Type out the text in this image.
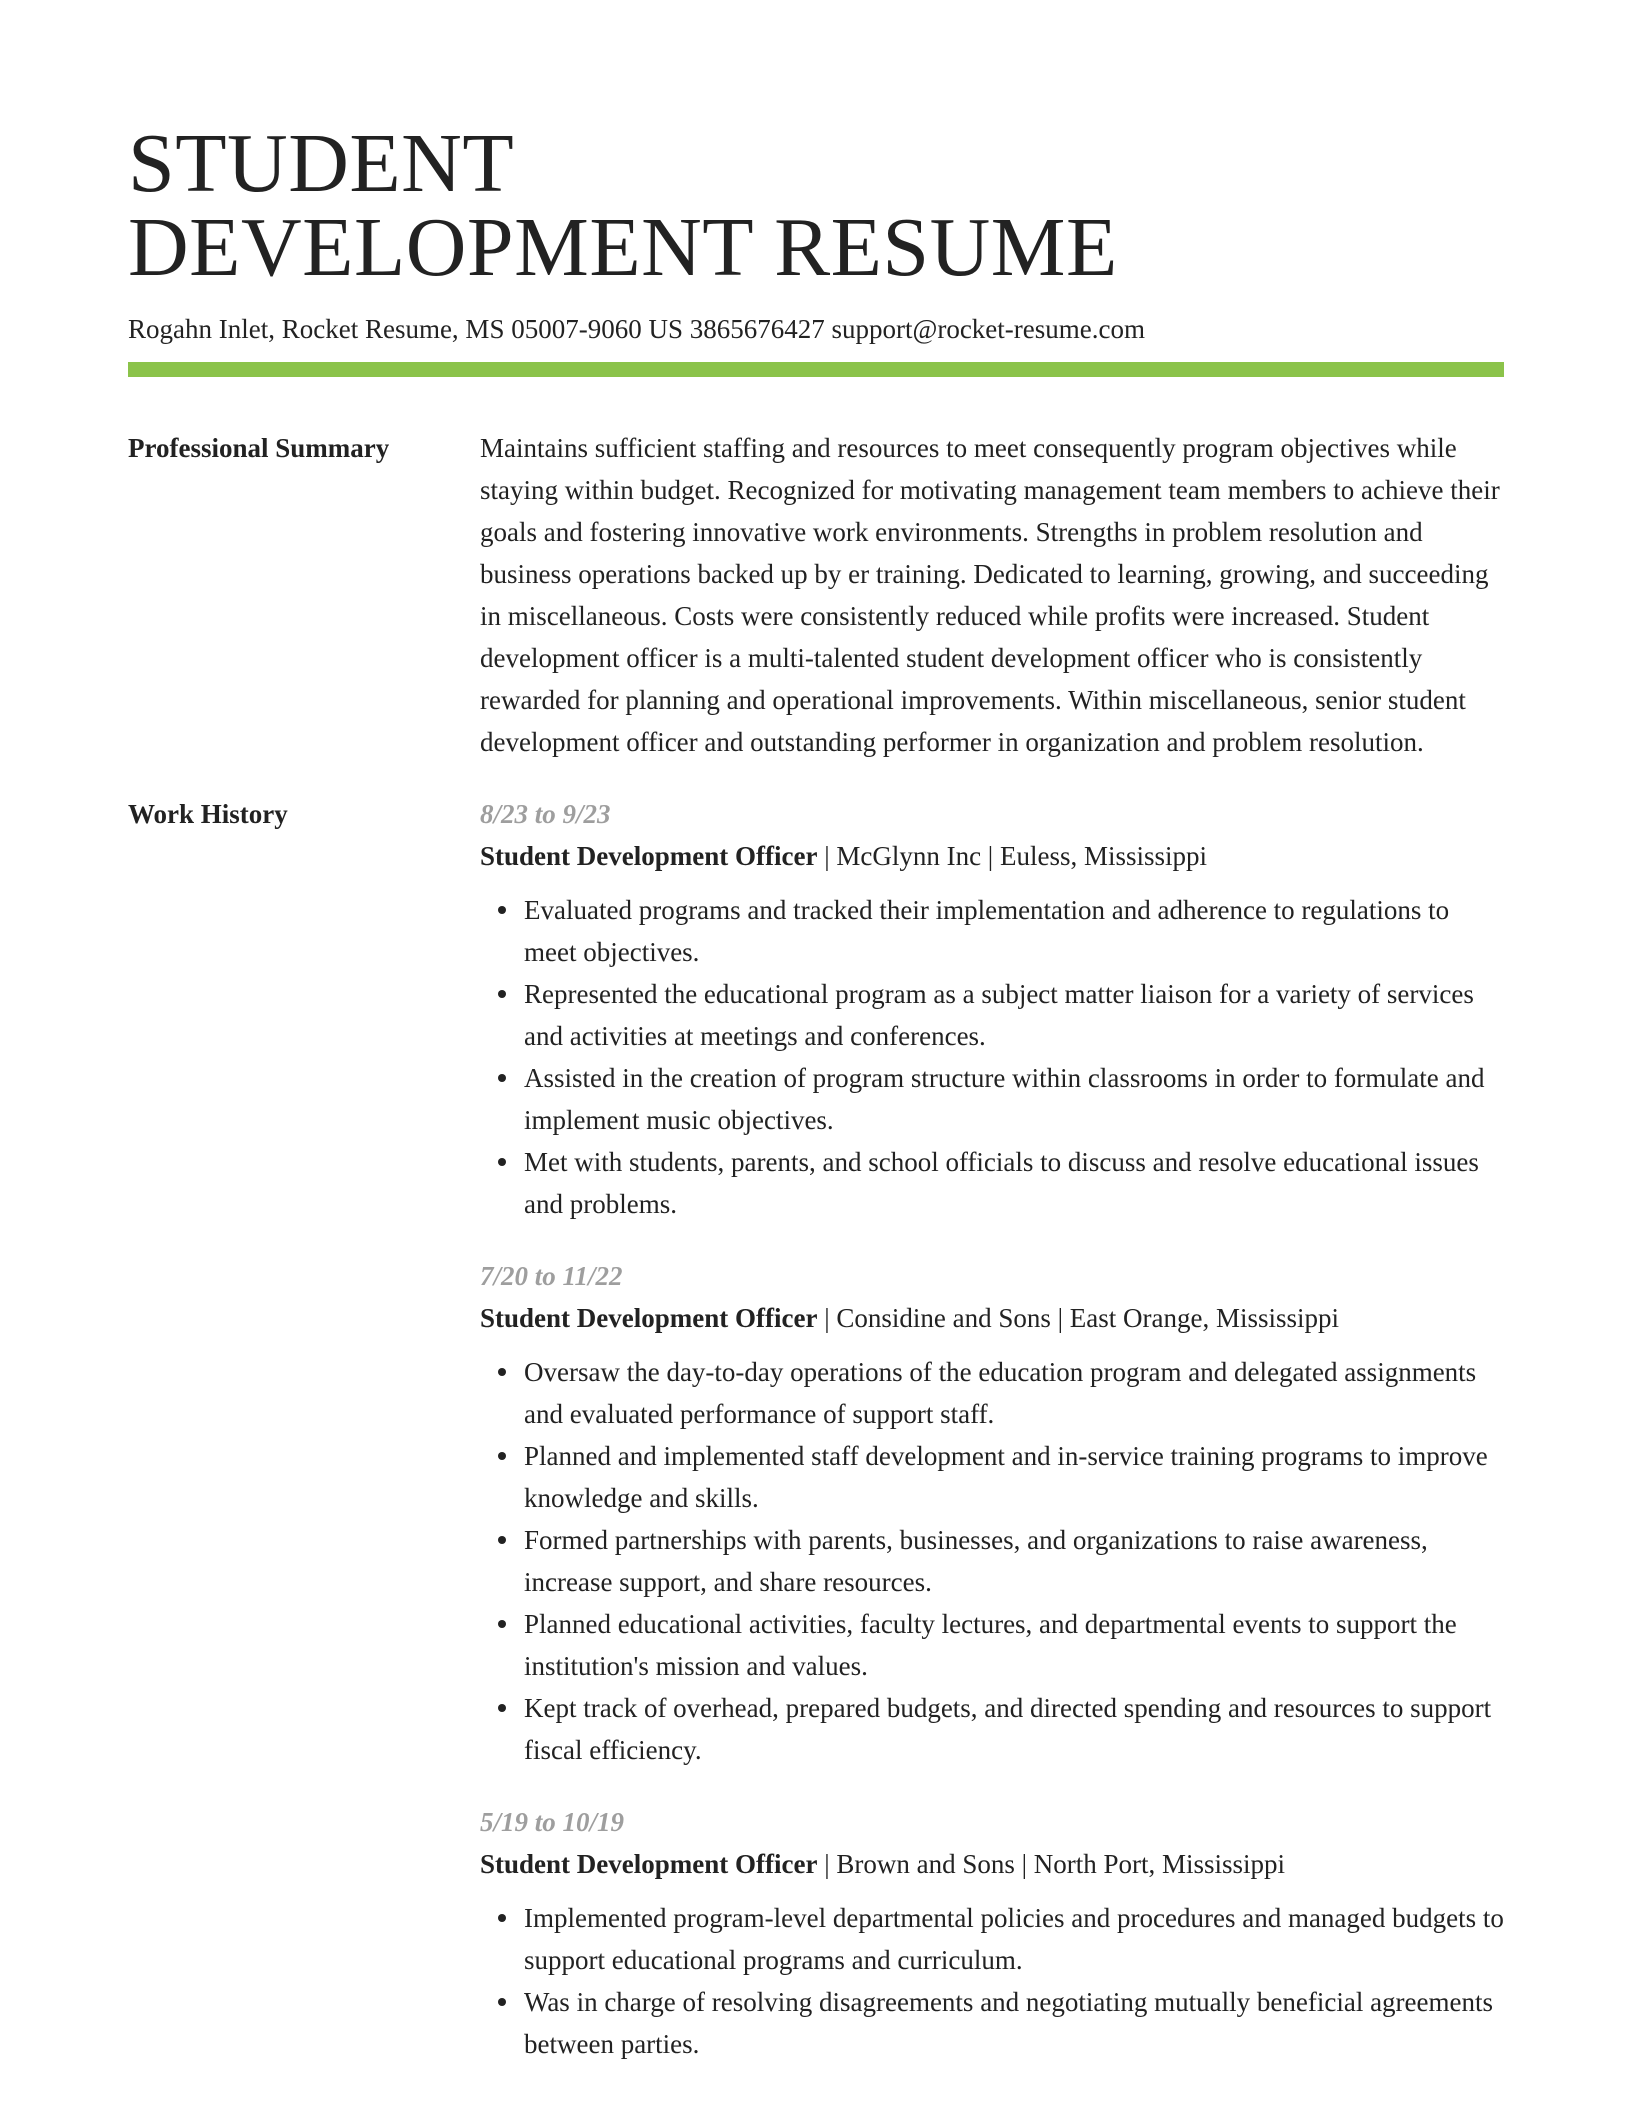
STUDENT
DEVELOPMENT RESUME
Rogahn Inlet, Rocket Resume, MS 05007-9060 US 3865676427 support@rocket-resume.com
Professional Summary	Maintains sufficient staffing and resources to meet consequently program objectives while staying within budget. Recognized for motivating management team members to achieve their goals and fostering innovative work environments. Strengths in problem resolution and business operations backed up by er training. Dedicated to learning, growing, and succeeding in miscellaneous. Costs were consistently reduced while profits were increased. Student development officer is a multi-talented student development officer who is consistently rewarded for planning and operational improvements. Within miscellaneous, senior student development officer and outstanding performer in organization and problem resolution.

Work History	8/23 to 9/23
Student Development Officer | McGlynn Inc | Euless, Mississippi
Evaluated programs and tracked their implementation and adherence to regulations to meet objectives.
Represented the educational program as a subject matter liaison for a variety of services and activities at meetings and conferences.
Assisted in the creation of program structure within classrooms in order to formulate and implement music objectives.
Met with students, parents, and school officials to discuss and resolve educational issues and problems.
7/20 to 11/22
Student Development Officer | Considine and Sons | East Orange, Mississippi
Oversaw the day-to-day operations of the education program and delegated assignments and evaluated performance of support staff.
Planned and implemented staff development and in-service training programs to improve knowledge and skills.
Formed partnerships with parents, businesses, and organizations to raise awareness, increase support, and share resources.
Planned educational activities, faculty lectures, and departmental events to support the institution's mission and values.
Kept track of overhead, prepared budgets, and directed spending and resources to support fiscal efficiency.
5/19 to 10/19
Student Development Officer | Brown and Sons | North Port, Mississippi
Implemented program-level departmental policies and procedures and managed budgets to support educational programs and curriculum.
Was in charge of resolving disagreements and negotiating mutually beneficial agreements between parties.
